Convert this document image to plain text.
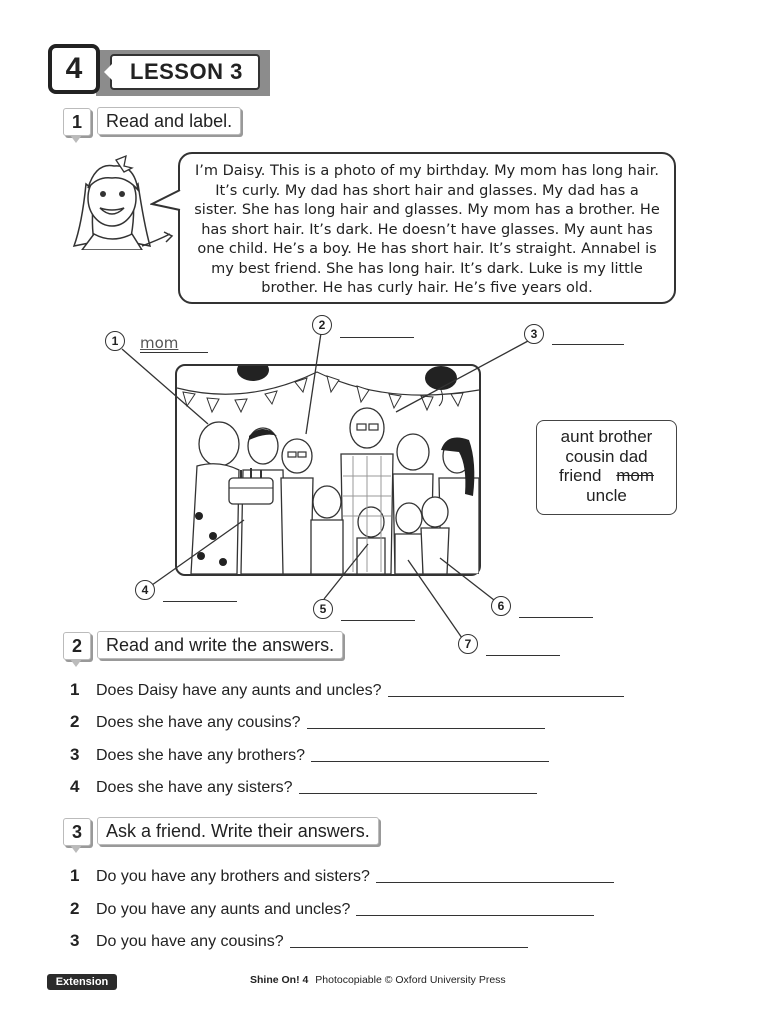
LESSON 3
4
1	Read and label.
I’m Daisy. This is a photo of my birthday. My mom has long hair. It’s curly. My dad has short hair and glasses. My dad has a sister. She has long hair and glasses. My mom has a brother. He has short hair. It’s dark. He doesn’t have glasses. My aunt has one child. He’s a boy. He has short hair. It’s straight. Annabel is my best friend. She has long hair. It’s dark. Luke is my little brother. He has curly hair. He’s five years old.
1	mom
2
3
4
5	6
7
aunt brother
cousin dad
friend mom
uncle
2	Read and write the answers.
1	Does Daisy have any aunts and uncles?
2	Does she have any cousins?
3	Does she have any brothers?
4	Does she have any sisters?
3	Ask a friend. Write their answers.
1	Do you have any brothers and sisters?
2	Do you have any aunts and uncles?
3	Do you have any cousins?
Extension	Shine On! 4 Photocopiable © Oxford University Press
